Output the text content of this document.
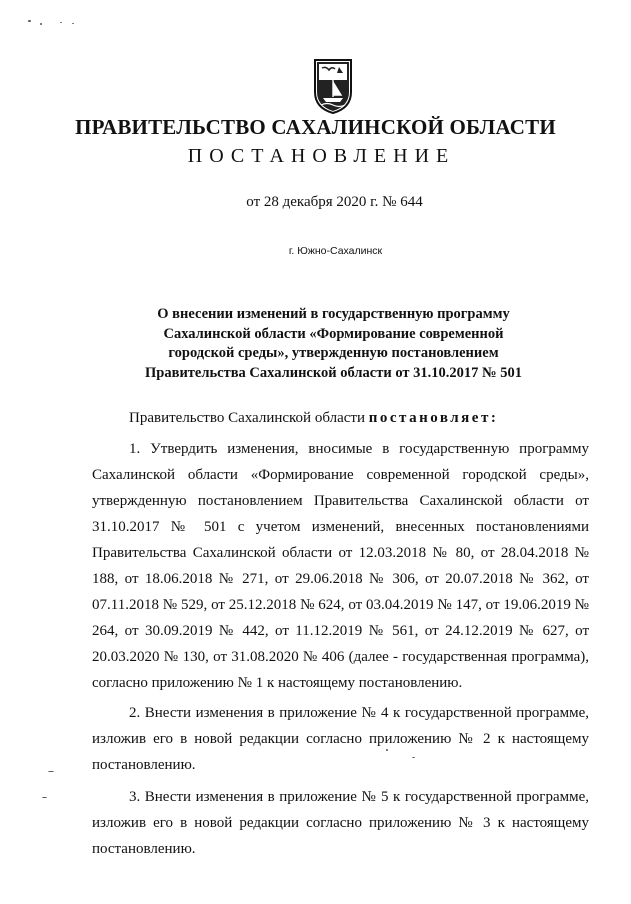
ПРАВИТЕЛЬСТВО САХАЛИНСКОЙ ОБЛАСТИ
ПОСТАНОВЛЕНИЕ
от 28 декабря 2020 г. № 644
г. Южно-Сахалинск
О внесении изменений в государственную программу
Сахалинской области «Формирование современной
городской среды», утвержденную постановлением
Правительства Сахалинской области от 31.10.2017 № 501

Правительство Сахалинской области постановляет:

1. Утвердить изменения, вносимые в государственную программу Сахалинской области «Формирование современной городской среды», утвержденную постановлением Правительства Сахалинской области от 31.10.2017 № 501 с учетом изменений, внесенных постановлениями Правительства Сахалинской области от 12.03.2018 № 80, от 28.04.2018 № 188, от 18.06.2018 № 271, от 29.06.2018 № 306, от 20.07.2018 № 362, от 07.11.2018 № 529, от 25.12.2018 № 624, от 03.04.2019 № 147, от 19.06.2019 № 264, от 30.09.2019 № 442, от 11.12.2019 № 561, от 24.12.2019 № 627, от 20.03.2020 № 130, от 31.08.2020 № 406 (далее - государственная программа), согласно приложению № 1 к настоящему постановлению.

2. Внести изменения в приложение № 4 к государственной программе, изложив его в новой редакции согласно приложению № 2 к настоящему постановлению.

3. Внести изменения в приложение № 5 к государственной программе, изложив его в новой редакции согласно приложению № 3 к настоящему постановлению.
